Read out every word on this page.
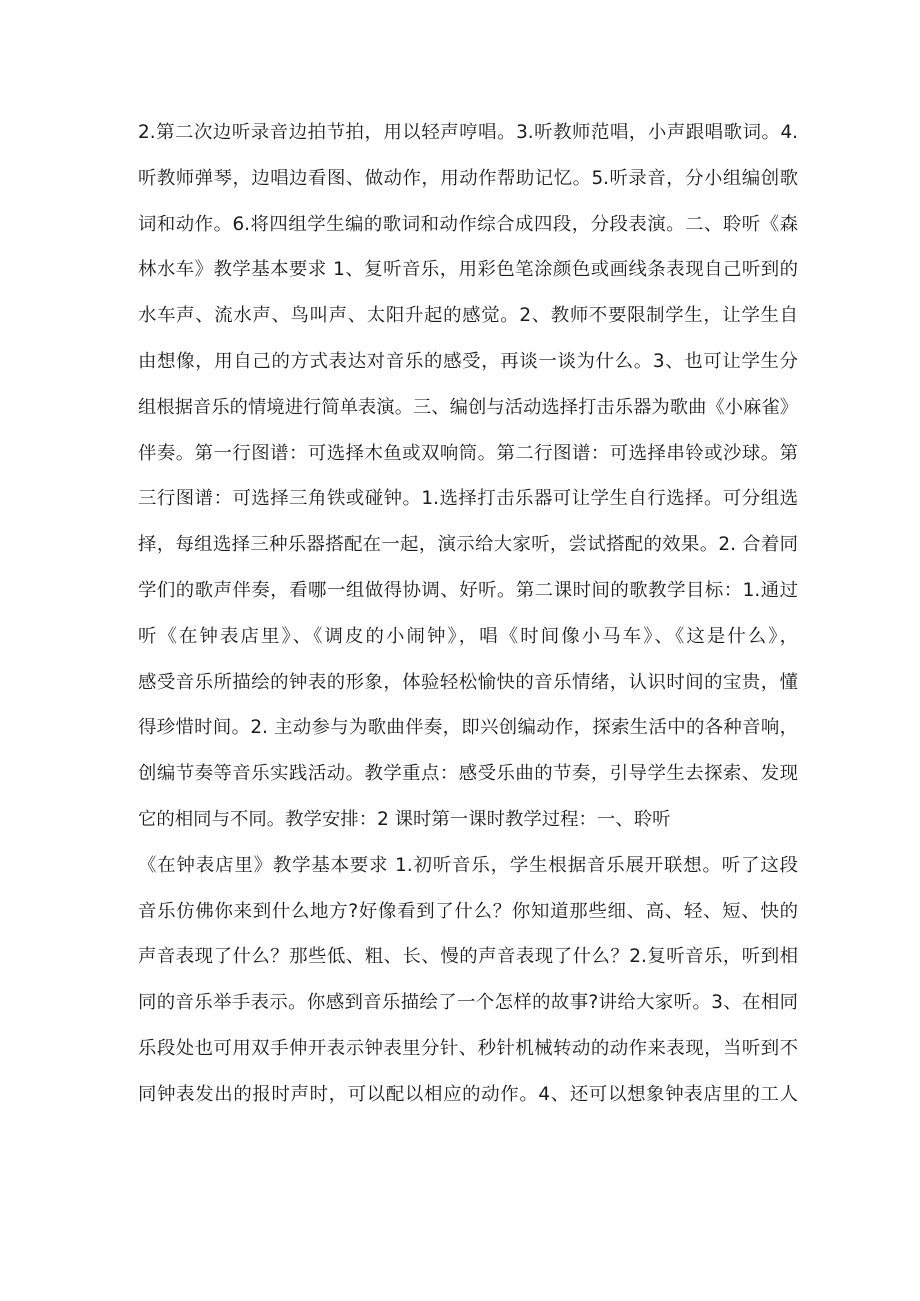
2.第二次边听录音边拍节拍，用以轻声哼唱。3.听教师范唱，小声跟唱歌词。4.
听教师弹琴，边唱边看图、做动作，用动作帮助记忆。5.听录音，分小组编创歌
词和动作。6.将四组学生编的歌词和动作综合成四段，分段表演。二、聆听《森
林水车》教学基本要求 1、复听音乐，用彩色笔涂颜色或画线条表现自己听到的
水车声、流水声、鸟叫声、太阳升起的感觉。2、教师不要限制学生，让学生自
由想像，用自己的方式表达对音乐的感受，再谈一谈为什么。3、也可让学生分
组根据音乐的情境进行简单表演。三、编创与活动选择打击乐器为歌曲《小麻雀》
伴奏。第一行图谱：可选择木鱼或双响筒。第二行图谱：可选择串铃或沙球。第
三行图谱：可选择三角铁或碰钟。1.选择打击乐器可让学生自行选择。可分组选
择，每组选择三种乐器搭配在一起，演示给大家听，尝试搭配的效果。2. 合着同
学们的歌声伴奏，看哪一组做得协调、好听。第二课时间的歌教学目标：1.通过
听《在钟表店里》、《调皮的小闹钟》，唱《时间像小马车》、《这是什么》，
感受音乐所描绘的钟表的形象，体验轻松愉快的音乐情绪，认识时间的宝贵，懂
得珍惜时间。2. 主动参与为歌曲伴奏，即兴创编动作，探索生活中的各种音响，
创编节奏等音乐实践活动。教学重点：感受乐曲的节奏，引导学生去探索、发现
它的相同与不同。教学安排：2 课时第一课时教学过程：一、聆听
《在钟表店里》教学基本要求 1.初听音乐，学生根据音乐展开联想。听了这段
音乐仿佛你来到什么地方?好像看到了什么？你知道那些细、高、轻、短、快的
声音表现了什么？那些低、粗、长、慢的声音表现了什么？2.复听音乐，听到相
同的音乐举手表示。你感到音乐描绘了一个怎样的故事?讲给大家听。3、在相同
乐段处也可用双手伸开表示钟表里分针、秒针机械转动的动作来表现，当听到不
同钟表发出的报时声时，可以配以相应的动作。4、还可以想象钟表店里的工人
